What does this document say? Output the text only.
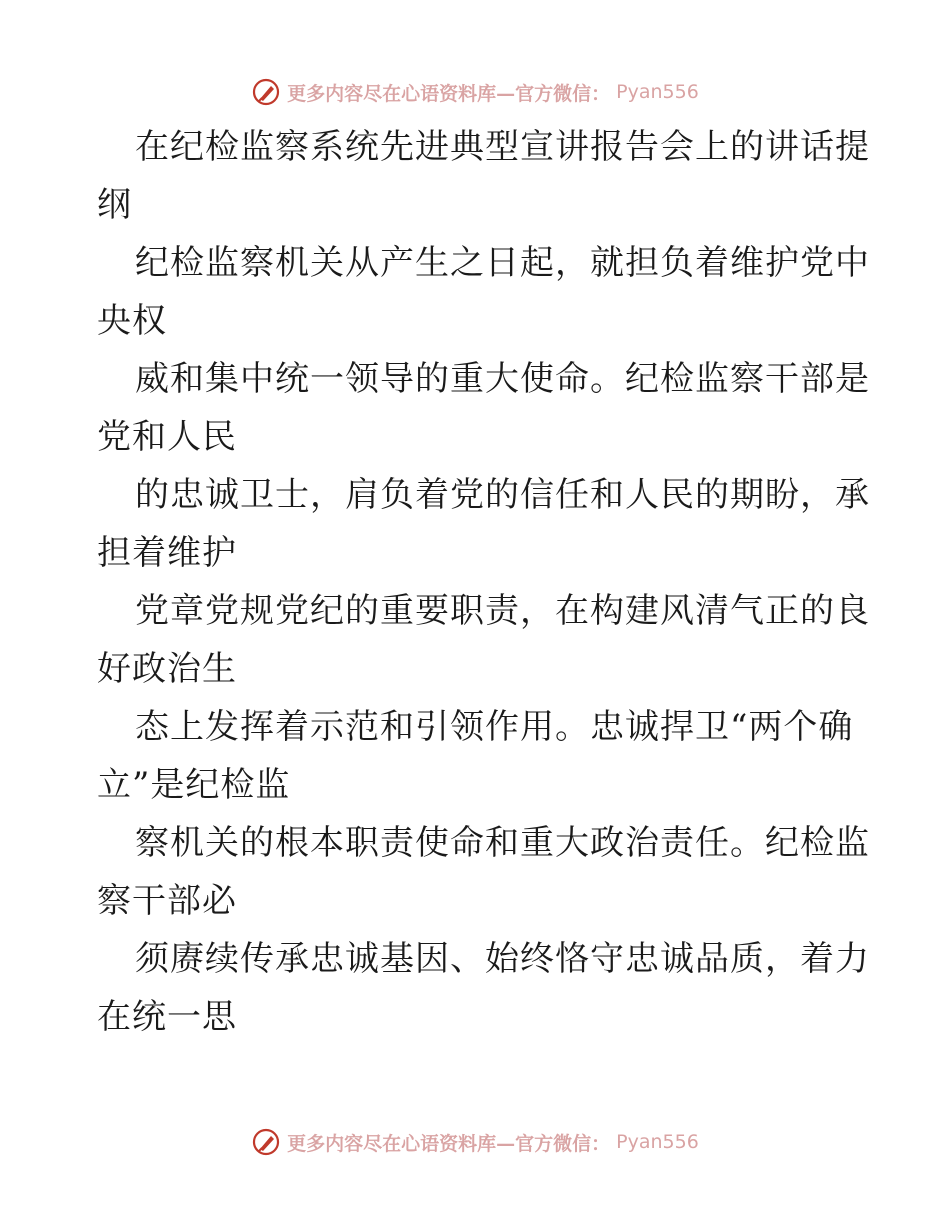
更多内容尽在心语资料库—官方微信： Pyan556
在纪检监察系统先进典型宣讲报告会上的讲话提
纲
纪检监察机关从产生之日起，就担负着维护党中
央权
威和集中统一领导的重大使命。纪检监察干部是
党和人民
的忠诚卫士，肩负着党的信任和人民的期盼，承
担着维护
党章党规党纪的重要职责，在构建风清气正的良
好政治生
态上发挥着示范和引领作用。忠诚捍卫“两个确
立”是纪检监
察机关的根本职责使命和重大政治责任。纪检监
察干部必
须赓续传承忠诚基因、始终恪守忠诚品质，着力
在统一思
更多内容尽在心语资料库—官方微信： Pyan556
